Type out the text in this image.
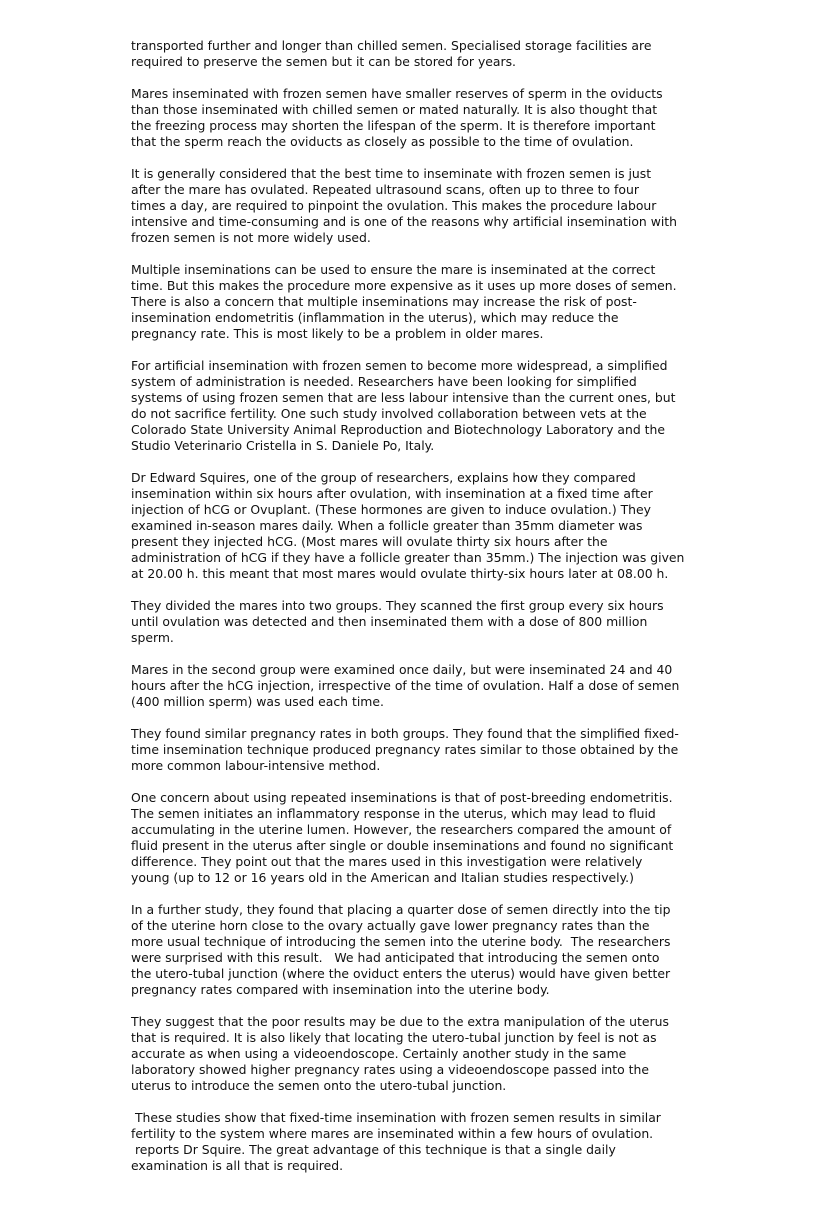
transported further and longer than chilled semen. Specialised storage facilities are
required to preserve the semen but it can be stored for years.
Mares inseminated with frozen semen have smaller reserves of sperm in the oviducts
than those inseminated with chilled semen or mated naturally. It is also thought that
the freezing process may shorten the lifespan of the sperm. It is therefore important
that the sperm reach the oviducts as closely as possible to the time of ovulation.
It is generally considered that the best time to inseminate with frozen semen is just
after the mare has ovulated. Repeated ultrasound scans, often up to three to four
times a day, are required to pinpoint the ovulation. This makes the procedure labour
intensive and time-consuming and is one of the reasons why artificial insemination with
frozen semen is not more widely used.
Multiple inseminations can be used to ensure the mare is inseminated at the correct
time. But this makes the procedure more expensive as it uses up more doses of semen.
There is also a concern that multiple inseminations may increase the risk of post-
insemination endometritis (inflammation in the uterus), which may reduce the
pregnancy rate. This is most likely to be a problem in older mares.
For artificial insemination with frozen semen to become more widespread, a simplified
system of administration is needed. Researchers have been looking for simplified
systems of using frozen semen that are less labour intensive than the current ones, but
do not sacrifice fertility. One such study involved collaboration between vets at the
Colorado State University Animal Reproduction and Biotechnology Laboratory and the
Studio Veterinario Cristella in S. Daniele Po, Italy.
Dr Edward Squires, one of the group of researchers, explains how they compared
insemination within six hours after ovulation, with insemination at a fixed time after
injection of hCG or Ovuplant. (These hormones are given to induce ovulation.) They
examined in-season mares daily. When a follicle greater than 35mm diameter was
present they injected hCG. (Most mares will ovulate thirty six hours after the
administration of hCG if they have a follicle greater than 35mm.) The injection was given
at 20.00 h. this meant that most mares would ovulate thirty-six hours later at 08.00 h.
They divided the mares into two groups. They scanned the first group every six hours
until ovulation was detected and then inseminated them with a dose of 800 million
sperm.
Mares in the second group were examined once daily, but were inseminated 24 and 40
hours after the hCG injection, irrespective of the time of ovulation. Half a dose of semen
(400 million sperm) was used each time.
They found similar pregnancy rates in both groups. They found that the simplified fixed-
time insemination technique produced pregnancy rates similar to those obtained by the
more common labour-intensive method.
One concern about using repeated inseminations is that of post-breeding endometritis.
The semen initiates an inflammatory response in the uterus, which may lead to fluid
accumulating in the uterine lumen. However, the researchers compared the amount of
fluid present in the uterus after single or double inseminations and found no significant
difference. They point out that the mares used in this investigation were relatively
young (up to 12 or 16 years old in the American and Italian studies respectively.)
In a further study, they found that placing a quarter dose of semen directly into the tip
of the uterine horn close to the ovary actually gave lower pregnancy rates than the
more usual technique of introducing the semen into the uterine body.  The researchers
were surprised with this result.   We had anticipated that introducing the semen onto
the utero-tubal junction (where the oviduct enters the uterus) would have given better
pregnancy rates compared with insemination into the uterine body.
They suggest that the poor results may be due to the extra manipulation of the uterus
that is required. It is also likely that locating the utero-tubal junction by feel is not as
accurate as when using a videoendoscope. Certainly another study in the same
laboratory showed higher pregnancy rates using a videoendoscope passed into the
uterus to introduce the semen onto the utero-tubal junction.
These studies show that fixed-time insemination with frozen semen results in similar
fertility to the system where mares are inseminated within a few hours of ovulation.
reports Dr Squire. The great advantage of this technique is that a single daily
examination is all that is required.
